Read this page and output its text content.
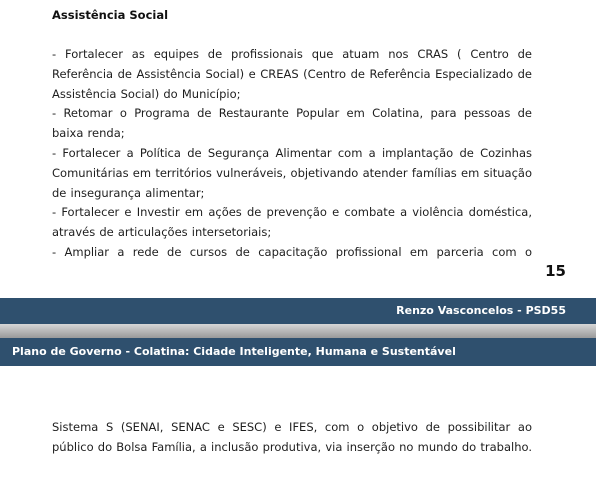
Assistência Social

- Fortalecer as equipes de profissionais que atuam nos CRAS ( Centro de Referência de Assistência Social) e CREAS (Centro de Referência Especializado de Assistência Social) do Município;

- Retomar o Programa de Restaurante Popular em Colatina, para pessoas de baixa renda;

- Fortalecer a Política de Segurança Alimentar com a implantação de Cozinhas Comunitárias em territórios vulneráveis, objetivando atender famílias em situação de insegurança alimentar;

- Fortalecer e Investir em ações de prevenção e combate a violência doméstica, através de articulações intersetoriais;

- Ampliar a rede de cursos de capacitação profissional em parceria com o

15
Renzo Vasconcelos - PSD55
Plano de Governo - Colatina: Cidade Inteligente, Humana e Sustentável

Sistema S (SENAI, SENAC e SESC) e IFES, com o objetivo de possibilitar ao público do Bolsa Família, a inclusão produtiva, via inserção no mundo do trabalho.
